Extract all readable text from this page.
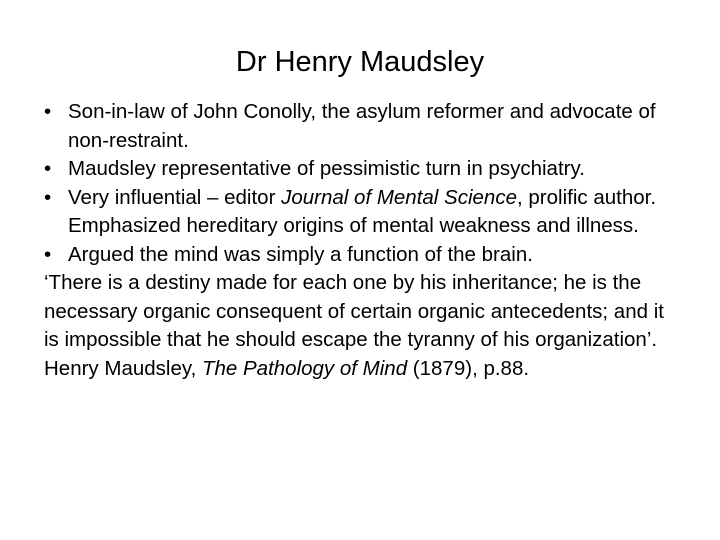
Dr Henry Maudsley
• Son-in-law of John Conolly, the asylum reformer and advocate of non-restraint.
• Maudsley representative of pessimistic turn in psychiatry.
• Very influential – editor Journal of Mental Science, prolific author. Emphasized hereditary origins of mental weakness and illness.
• Argued the mind was simply a function of the brain.

‘There is a destiny made for each one by his inheritance; he is the necessary organic consequent of certain organic antecedents; and it is impossible that he should escape the tyranny of his organization’.

Henry Maudsley, The Pathology of Mind (1879), p.88.
